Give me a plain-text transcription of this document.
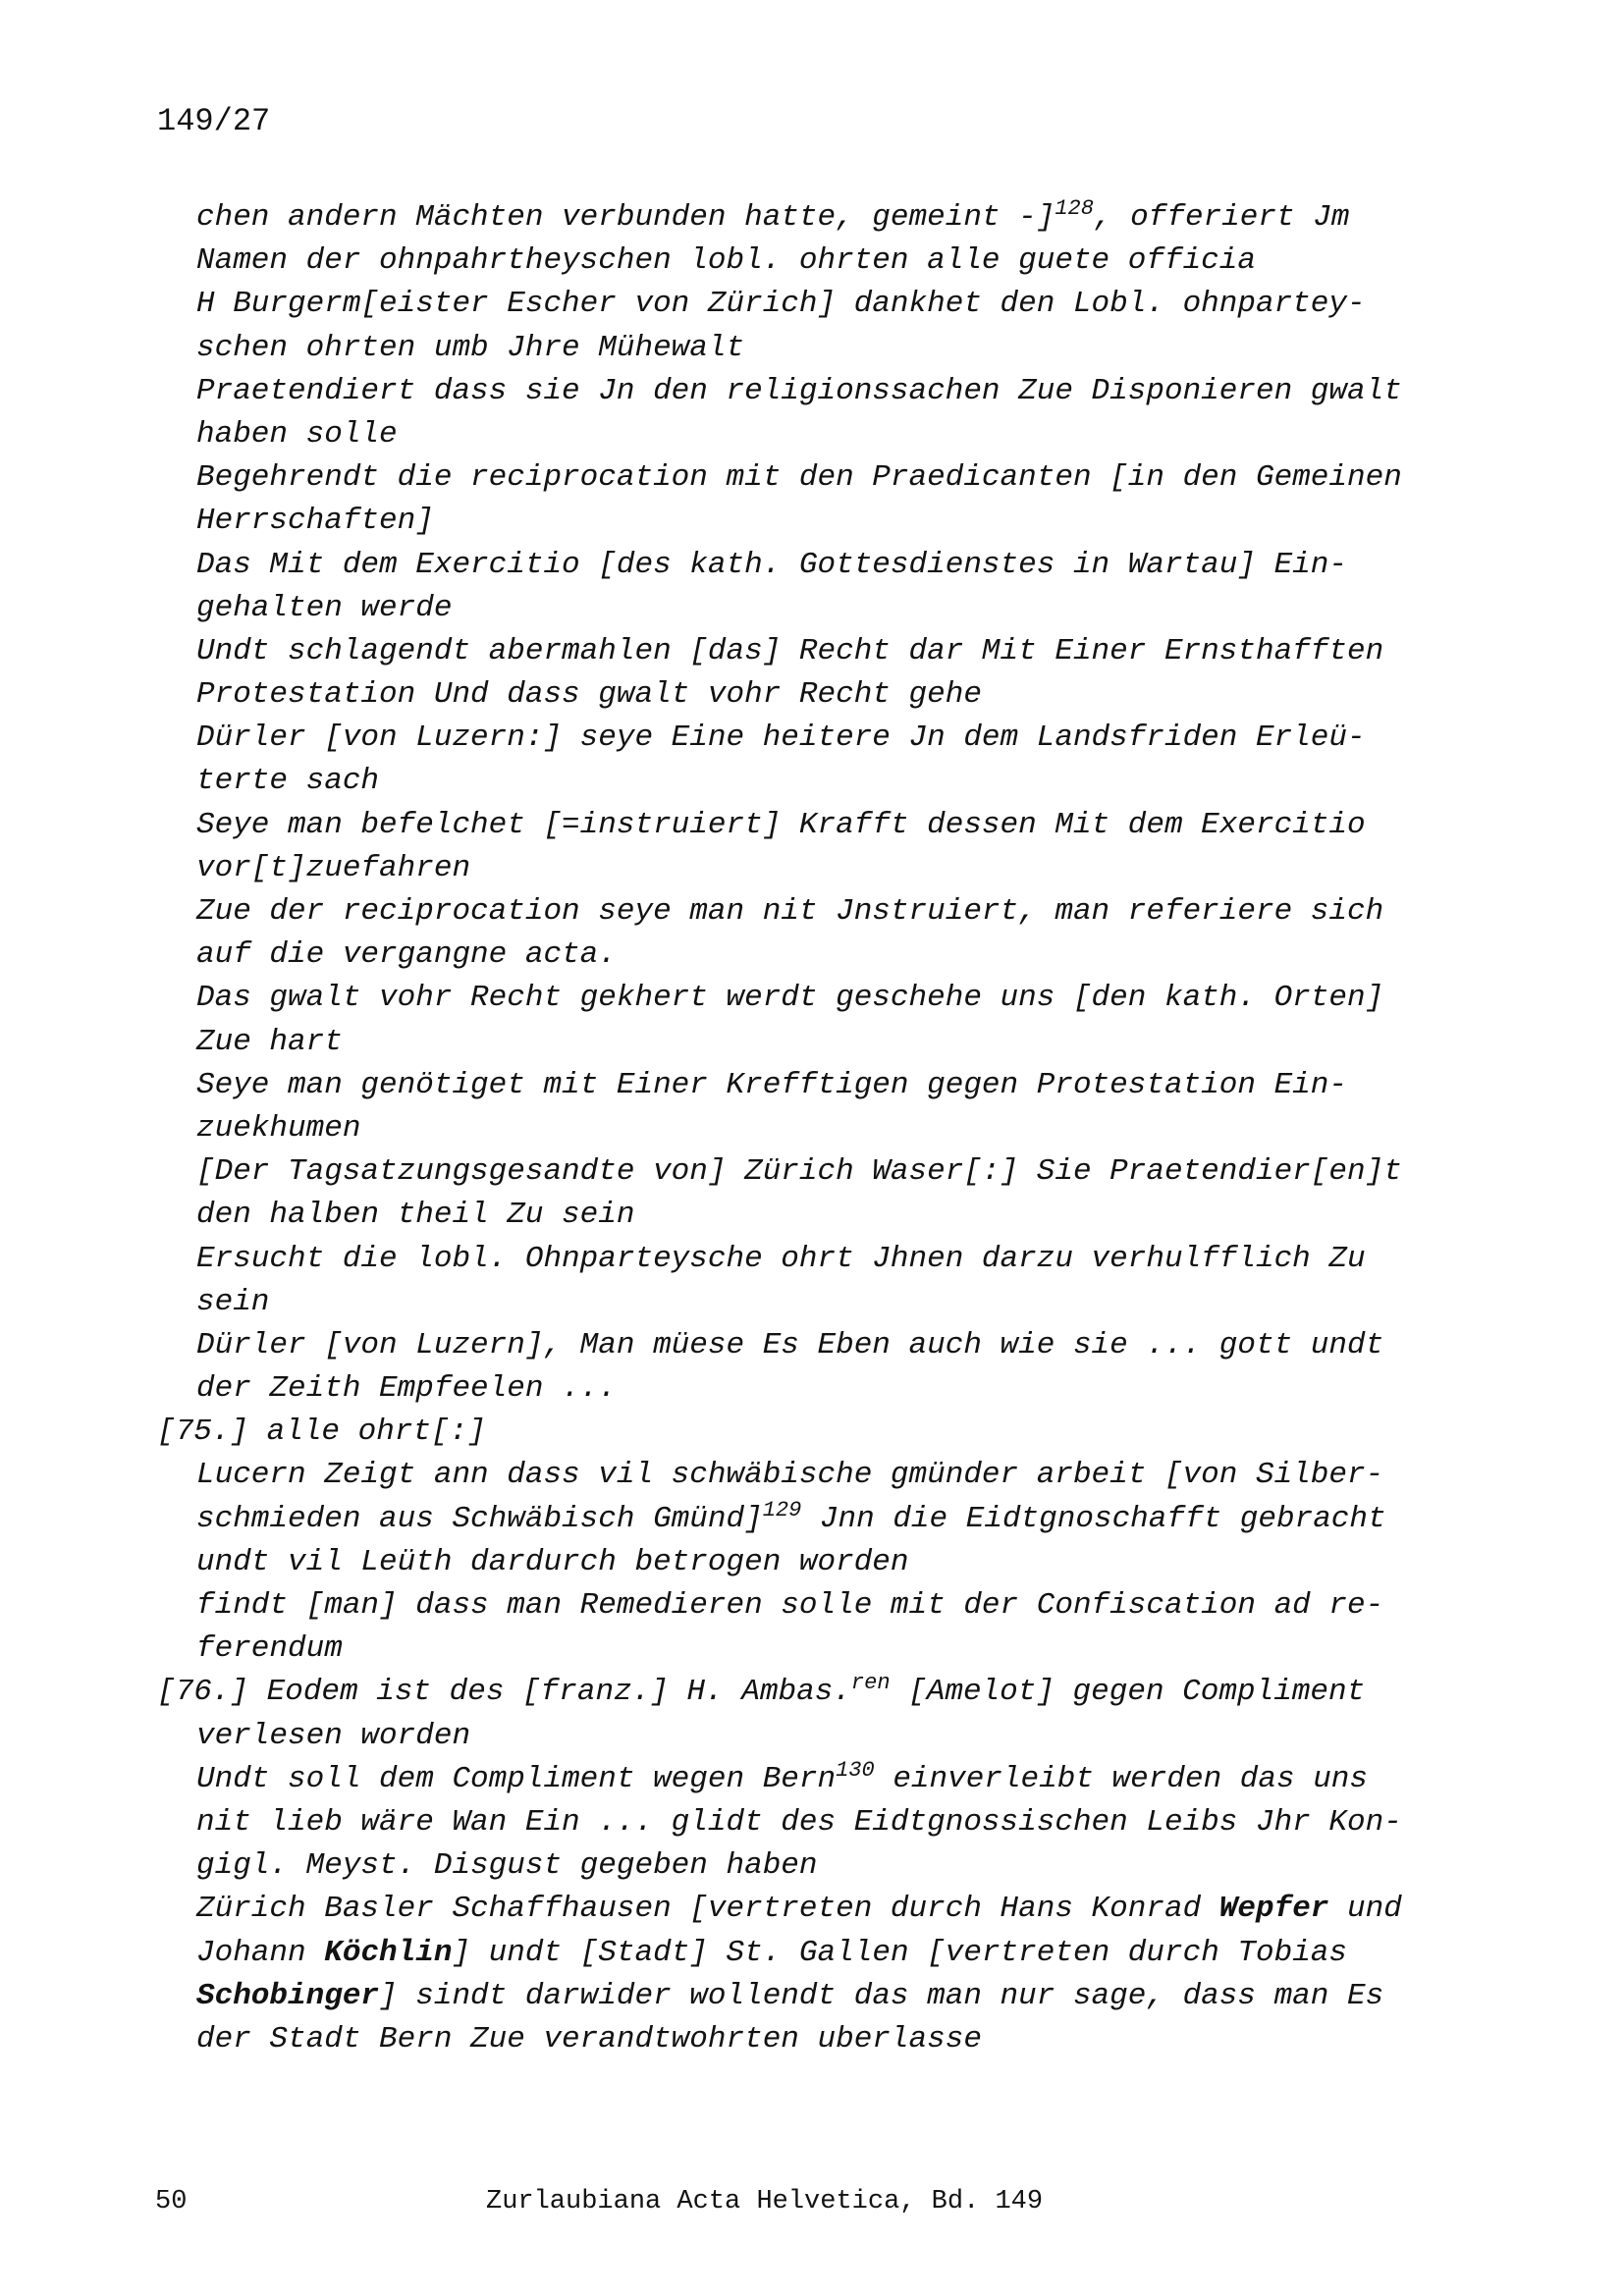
149/27
chen andern Mächten verbunden hatte, gemeint -]$^{128}$, offeriert Jm
Namen der ohnpahrtheyschen lobl. ohrten alle guete officia
H Burgerm[eister Escher von Zürich] dankhet den Lobl. ohnpartey-
schen ohrten umb Jhre Mühewalt
Praetendiert dass sie Jn den religionssachen Zue Disponieren gwalt
haben solle
Begehrendt die reciprocation mit den Praedicanten [in den Gemeinen
Herrschaften]
Das Mit dem Exercitio [des kath. Gottesdienstes in Wartau] Ein-
gehalten werde
Undt schlagendt abermahlen [das] Recht dar Mit Einer Ernsthafften
Protestation Und dass gwalt vohr Recht gehe
Dürler [von Luzern:] seye Eine heitere Jn dem Landsfriden Erleü-
terte sach
Seye man befelchet [=instruiert] Krafft dessen Mit dem Exercitio
vor[t]zuefahren
Zue der reciprocation seye man nit Jnstruiert, man referiere sich
auf die vergangne acta.
Das gwalt vohr Recht gekhert werdt geschehe uns [den kath. Orten]
Zue hart
Seye man genötiget mit Einer Krefftigen gegen Protestation Ein-
zuekhumen
[Der Tagsatzungsgesandte von] Zürich Waser[:] Sie Praetendier[en]t
den halben theil Zu sein
Ersucht die lobl. Ohnparteysche ohrt Jhnen darzu verhulfflich Zu
sein
Dürler [von Luzern], Man müese Es Eben auch wie sie ... gott undt
der Zeith Empfeelen ...
[75.] alle ohrt[:]
Lucern Zeigt ann dass vil schwäbische gmünder arbeit [von Silber-
schmieden aus Schwäbisch Gmünd]$^{129}$ Jnn die Eidtgnoschafft gebracht
undt vil Leüth dardurch betrogen worden
findt [man] dass man Remedieren solle mit der Confiscation ad re-
ferendum
[76.] Eodem ist des [franz.] H. Ambas.$^{ren}$ [Amelot] gegen Compliment
verlesen worden
Undt soll dem Compliment wegen Bern$^{130}$ einverleibt werden das uns
nit lieb wäre Wan Ein ... glidt des Eidtgnossischen Leibs Jhr Kon-
gigl. Meyst. Disgust gegeben haben
Zürich Basler Schaffhausen [vertreten durch Hans Konrad Wepfer und
Johann Köchlin] undt [Stadt] St. Gallen [vertreten durch Tobias
Schobinger] sindt darwider wollendt das man nur sage, dass man Es
der Stadt Bern Zue verandtwohrten uberlasse
50	Zurlaubiana Acta Helvetica, Bd. 149
